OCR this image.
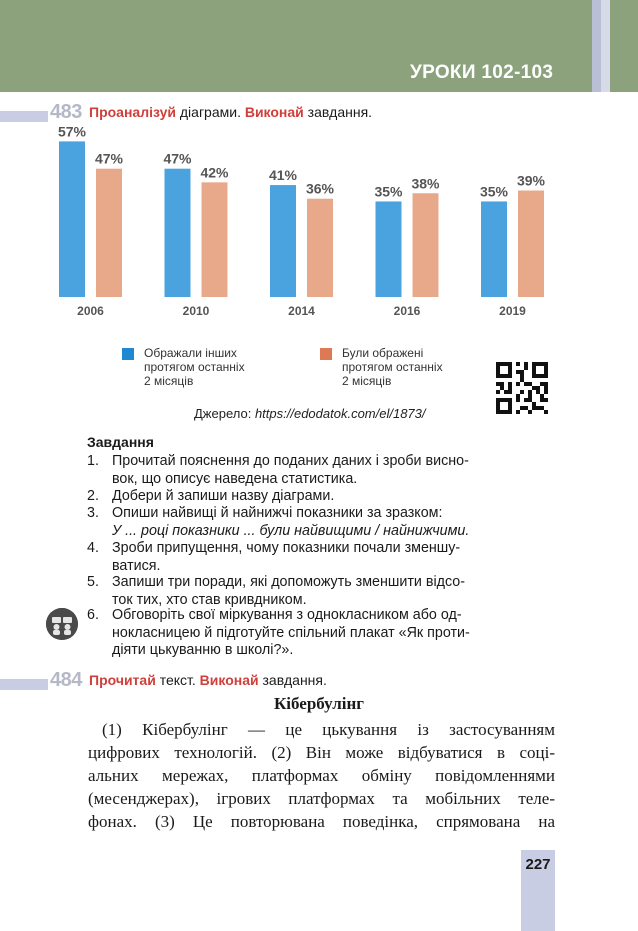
УРОКИ 102-103
483 Проаналізуй діаграми. Виконай завдання.
57%
47%
2006
47%
42%
2010
41%
36%
2014
35%
38%
2016
35%
39%
2019
Ображали інших
протягом останніх
2 місяців
Були ображені
протягом останніх
2 місяців
Джерело: https://edodatok.com/el/1873/
Завдання
1. Прочитай пояснення до поданих даних і зроби висно-
вок, що описує наведена статистика.
2. Добери й запиши назву діаграми.
3. Опиши найвищі й найнижчі показники за зразком:
У ... році показники ... були найвищими / найнижчими.
4. Зроби припущення, чому показники почали зменшу-
ватися.
5. Запиши три поради, які допоможуть зменшити відсо-
ток тих, хто став кривдником.
6. Обговоріть свої міркування з однокласником або од-
нокласницею й підготуйте спільний плакат «Як проти-
діяти цькуванню в школі?».
484 Прочитай текст. Виконай завдання.
Кібербулінг
(1) Кібербулінг — це цькування із застосуванням
цифрових технологій. (2) Він може відбуватися в соці-
альних мережах, платформах обміну повідомленнями
(месенджерах), ігрових платформах та мобільних теле-
фонах. (3) Це повторювана поведінка, спрямована на
227
